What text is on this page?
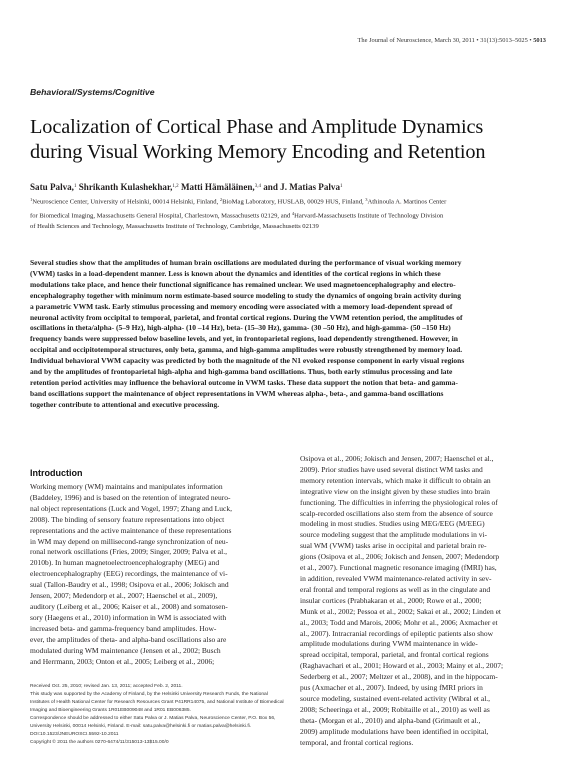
The Journal of Neuroscience, March 30, 2011 • 31(13):5013–5025 • 5013
Behavioral/Systems/Cognitive
Localization of Cortical Phase and Amplitude Dynamics
during Visual Working Memory Encoding and Retention
Satu Palva,$^1$ Shrikanth Kulashekhar,$^{1,2}$ Matti Hämäläinen,$^{3,4}$ and J. Matias Palva$^1$
$^1$Neuroscience Center, University of Helsinki, 00014 Helsinki, Finland, $^2$BioMag Laboratory, HUSLAB, 00029 HUS, Finland, $^3$Athinoula A. Martinos Center
for Biomedical Imaging, Massachusetts General Hospital, Charlestown, Massachusetts 02129, and $^4$Harvard-Massachusetts Institute of Technology Division
of Health Sciences and Technology, Massachusetts Institute of Technology, Cambridge, Massachusetts 02139
Several studies show that the amplitudes of human brain oscillations are modulated during the performance of visual working memory
(VWM) tasks in a load-dependent manner. Less is known about the dynamics and identities of the cortical regions in which these
modulations take place, and hence their functional significance has remained unclear. We used magnetoencephalography and electro-
encephalography together with minimum norm estimate-based source modeling to study the dynamics of ongoing brain activity during
a parametric VWM task. Early stimulus processing and memory encoding were associated with a memory load-dependent spread of
neuronal activity from occipital to temporal, parietal, and frontal cortical regions. During the VWM retention period, the amplitudes of
oscillations in theta/alpha- (5–9 Hz), high-alpha- (10 –14 Hz), beta- (15–30 Hz), gamma- (30 –50 Hz), and high-gamma- (50 –150 Hz)
frequency bands were suppressed below baseline levels, and yet, in frontoparietal regions, load dependently strengthened. However, in
occipital and occipitotemporal structures, only beta, gamma, and high-gamma amplitudes were robustly strengthened by memory load.
Individual behavioral VWM capacity was predicted by both the magnitude of the N1 evoked response component in early visual regions
and by the amplitudes of frontoparietal high-alpha and high-gamma band oscillations. Thus, both early stimulus processing and late
retention period activities may influence the behavioral outcome in VWM tasks. These data support the notion that beta- and gamma-
band oscillations support the maintenance of object representations in VWM whereas alpha-, beta-, and gamma-band oscillations
together contribute to attentional and executive processing.
Introduction
Working memory (WM) maintains and manipulates information
(Baddeley, 1996) and is based on the retention of integrated neuro-
nal object representations (Luck and Vogel, 1997; Zhang and Luck,
2008). The binding of sensory feature representations into object
representations and the active maintenance of these representations
in WM may depend on millisecond-range synchronization of neu-
ronal network oscillations (Fries, 2009; Singer, 2009; Palva et al.,
2010b). In human magnetoelectroencephalography (MEG) and
electroencephalography (EEG) recordings, the maintenance of vi-
sual (Tallon-Baudry et al., 1998; Osipova et al., 2006; Jokisch and
Jensen, 2007; Medendorp et al., 2007; Haenschel et al., 2009),
auditory (Leiberg et al., 2006; Kaiser et al., 2008) and somatosen-
sory (Haegens et al., 2010) information in WM is associated with
increased beta- and gamma-frequency band amplitudes. How-
ever, the amplitudes of theta- and alpha-band oscillations also are
modulated during WM maintenance (Jensen et al., 2002; Busch
and Herrmann, 2003; Onton et al., 2005; Leiberg et al., 2006;
Osipova et al., 2006; Jokisch and Jensen, 2007; Haenschel et al.,
2009). Prior studies have used several distinct WM tasks and
memory retention intervals, which make it difficult to obtain an
integrative view on the insight given by these studies into brain
functioning. The difficulties in inferring the physiological roles of
scalp-recorded oscillations also stem from the absence of source
modeling in most studies. Studies using MEG/EEG (M/EEG)
source modeling suggest that the amplitude modulations in vi-
sual WM (VWM) tasks arise in occipital and parietal brain re-
gions (Osipova et al., 2006; Jokisch and Jensen, 2007; Medendorp
et al., 2007). Functional magnetic resonance imaging (fMRI) has,
in addition, revealed VWM maintenance-related activity in sev-
eral frontal and temporal regions as well as in the cingulate and
insular cortices (Prabhakaran et al., 2000; Rowe et al., 2000;
Munk et al., 2002; Pessoa et al., 2002; Sakai et al., 2002; Linden et
al., 2003; Todd and Marois, 2006; Mohr et al., 2006; Axmacher et
al., 2007). Intracranial recordings of epileptic patients also show
amplitude modulations during VWM maintenance in wide-
spread occipital, temporal, parietal, and frontal cortical regions
(Raghavachari et al., 2001; Howard et al., 2003; Mainy et al., 2007;
Sederberg et al., 2007; Meltzer et al., 2008), and in the hippocam-
pus (Axmacher et al., 2007). Indeed, by using fMRI priors in
source modeling, sustained event-related activity (Wibral et al.,
2008; Scheeringa et al., 2009; Robitaille et al., 2010) as well as
theta- (Morgan et al., 2010) and alpha-band (Grimault et al.,
2009) amplitude modulations have been identified in occipital,
temporal, and frontal cortical regions.
Received Oct. 25, 2010; revised Jan. 13, 2011; accepted Feb. 2, 2011.
This study was supported by the Academy of Finland, by the Helsinki University Research Funds, the National
Institutes of Health National Center for Research Resources Grant P41RR14075, and National Institute of Biomedical
Imaging and Bioengineering Grants 1R01EB009048 and 1R01 EB006385.
Correspondence should be addressed to either Satu Palva or J. Matias Palva, Neuroscience Center, P.O. Box 56,
University Helsinki, 00014 Helsinki, Finland. E-mail: satu.palva@helsinki.fi or matias.palva@helsinki.fi.
DOI:10.1523/JNEUROSCI.5592-10.2011
Copyright © 2011 the authors 0270-6474/11/315013-13$15.00/0
